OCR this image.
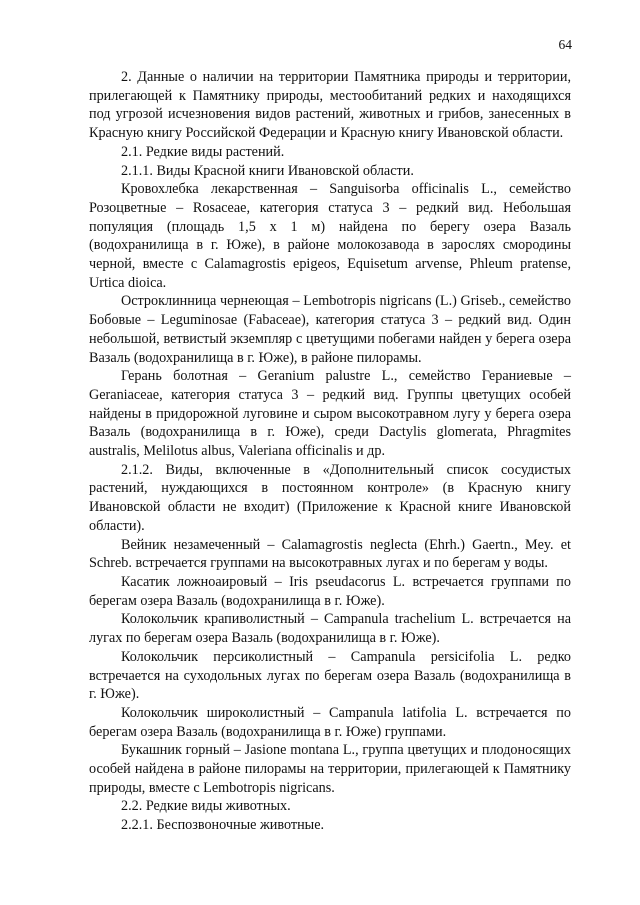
64

2. Данные о наличии на территории Памятника природы и территории, прилегающей к Памятнику природы, местообитаний редких и находящихся под угрозой исчезновения видов растений, животных и грибов, занесенных в Красную книгу Российской Федерации и Красную книгу Ивановской области.

2.1. Редкие виды растений.

2.1.1. Виды Красной книги Ивановской области.

Кровохлебка лекарственная – Sanguisorba officinalis L., семейство Розоцветные – Rosaceae, категория статуса 3 – редкий вид. Небольшая популяция (площадь 1,5 х 1 м) найдена по берегу озера Вазаль (водохранилища в г. Юже), в районе молокозавода в зарослях смородины черной, вместе с Calamagrostis epigeos, Equisetum arvense, Phleum pratense, Urtica dioica.

Остроклинница чернеющая – Lembotropis nigricans (L.) Griseb., семейство Бобовые – Leguminosae (Fabaceae), категория статуса 3 – редкий вид. Один небольшой, ветвистый экземпляр с цветущими побегами найден у берега озера Вазаль (водохранилища в г. Юже), в районе пилорамы.

Герань болотная – Geranium palustre L., семейство Гераниевые – Geraniaceae, категория статуса 3 – редкий вид. Группы цветущих особей найдены в придорожной луговине и сыром высокотравном лугу у берега озера Вазаль (водохранилища в г. Юже), среди Dactylis glomerata, Phragmites australis, Melilotus albus, Valeriana officinalis и др.

2.1.2. Виды, включенные в «Дополнительный список сосудистых растений, нуждающихся в постоянном контроле» (в Красную книгу Ивановской области не входит) (Приложение к Красной книге Ивановской области).

Вейник незамеченный – Calamagrostis neglecta (Ehrh.) Gaertn., Mey. et Schreb. встречается группами на высокотравных лугах и по берегам у воды.

Касатик ложноаировый – Iris pseudacorus L. встречается группами по берегам озера Вазаль (водохранилища в г. Юже).

Колокольчик крапиволистный – Campanula trachelium L. встречается на лугах по берегам озера Вазаль (водохранилища в г. Юже).

Колокольчик персиколистный – Campanula persicifolia L. редко встречается на суходольных лугах по берегам озера Вазаль (водохранилища в г. Юже).

Колокольчик широколистный – Campanula latifolia L. встречается по берегам озера Вазаль (водохранилища в г. Юже) группами.

Букашник горный – Jasione montana L., группа цветущих и плодоносящих особей найдена в районе пилорамы на территории, прилегающей к Памятнику природы, вместе с Lembotropis nigricans.

2.2. Редкие виды животных.

2.2.1. Беспозвоночные животные.
